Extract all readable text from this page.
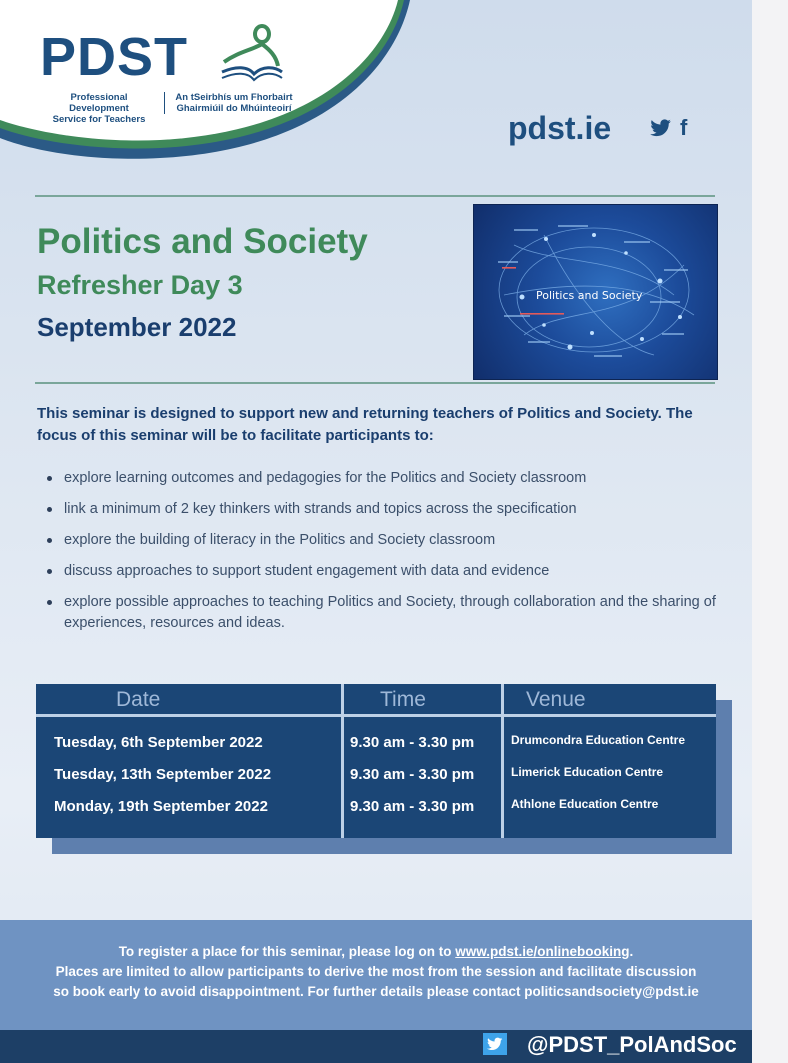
PDST
Professional Development
Service for Teachers
An tSeirbhís um Fhorbairt
Ghairmiúil do Mhúinteoirí
pdst.ie	f
Politics and Society
Refresher Day 3
September 2022
Politics and Society
This seminar is designed to support new and returning teachers of Politics and Society. The focus of this seminar will be to facilitate participants to:
explore learning outcomes and pedagogies for the Politics and Society classroom
link a minimum of 2 key thinkers with strands and topics across the specification
explore the building of literacy in the Politics and Society classroom
discuss approaches to support student engagement with data and evidence
explore possible approaches to teaching Politics and Society, through collaboration and the sharing of experiences, resources and ideas.
Date	Time	Venue
Tuesday, 6th September 2022	9.30 am - 3.30 pm	Drumcondra Education Centre
Tuesday, 13th September 2022	9.30 am - 3.30 pm	Limerick Education Centre
Monday, 19th September 2022	9.30 am - 3.30 pm	Athlone Education Centre

To register a place for this seminar, please log on to www.pdst.ie/onlinebooking.

Places are limited to allow participants to derive the most from the session and facilitate discussion

so book early to avoid disappointment. For further details please contact politicsandsociety@pdst.ie

@PDST_PolAndSoc
